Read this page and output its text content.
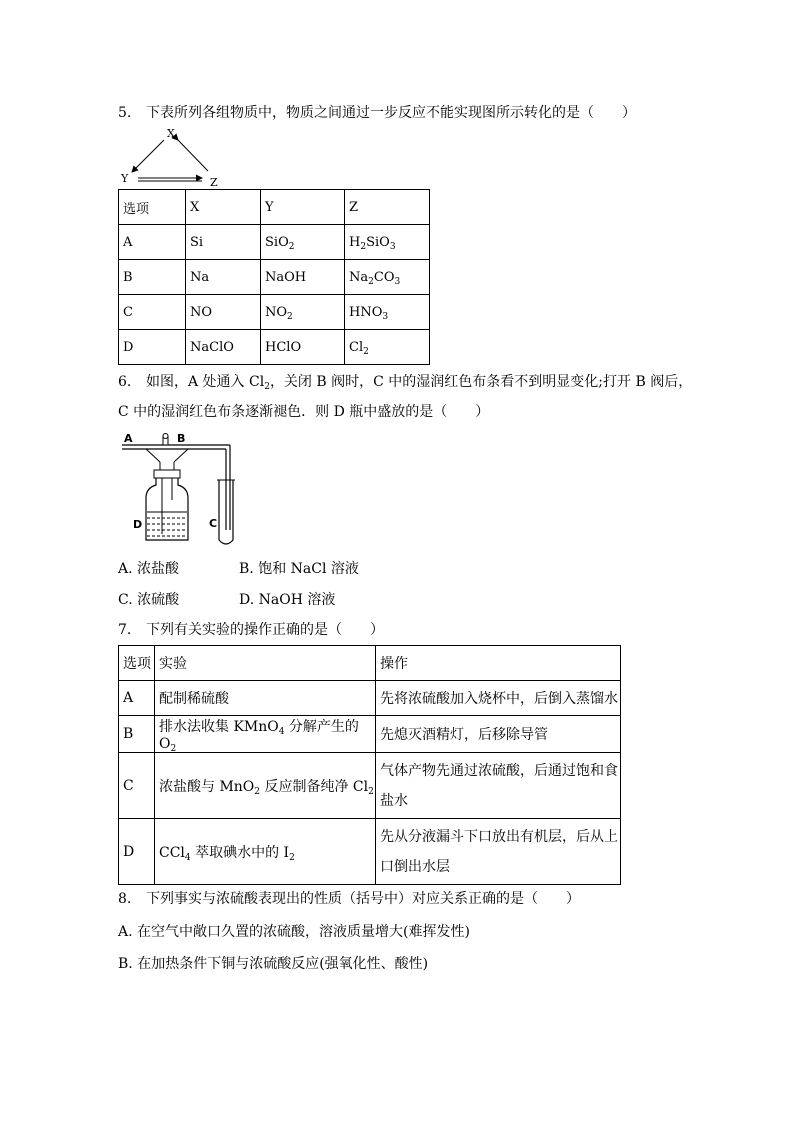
5. 下表所列各组物质中，物质之间通过一步反应不能实现图所示转化的是（　　）
X
Y	Z
选项	X	Y	Z
A	Si	SiO$_2$	$H_2SiO_3$
B	Na	NaOH	$Na_2CO_3$
C	NO	$NO_2$	$HNO_3$
D	NaClO	HClO	$Cl_2$
6. 如图，A 处通入 $Cl_2$，关闭 B 阀时，C 中的湿润红色布条看不到明显变化;打开 B 阀后，
C 中的湿润红色布条逐渐褪色．则 D 瓶中盛放的是（　　）
A	B
D	C
A. 浓盐酸	B. 饱和 NaCl 溶液
C. 浓硫酸	D. NaOH 溶液
7. 下列有关实验的操作正确的是（　　）
选项	实验	操作
A	配制稀硫酸	先将浓硫酸加入烧杯中，后倒入蒸馏水
B	排水法收集 KMnO$_4$ 分解产生的 $O_2$	先熄灭酒精灯，后移除导管
C	浓盐酸与 MnO$_2$ 反应制备纯净 $Cl_2$	气体产物先通过浓硫酸，后通过饱和食
盐水
D	CCl$_4$ 萃取碘水中的 $I_2$	先从分液漏斗下口放出有机层，后从上
口倒出水层
8. 下列事实与浓硫酸表现出的性质（括号中）对应关系正确的是（　　）
A. 在空气中敞口久置的浓硫酸，溶液质量增大(难挥发性)
B. 在加热条件下铜与浓硫酸反应(强氧化性、酸性)
